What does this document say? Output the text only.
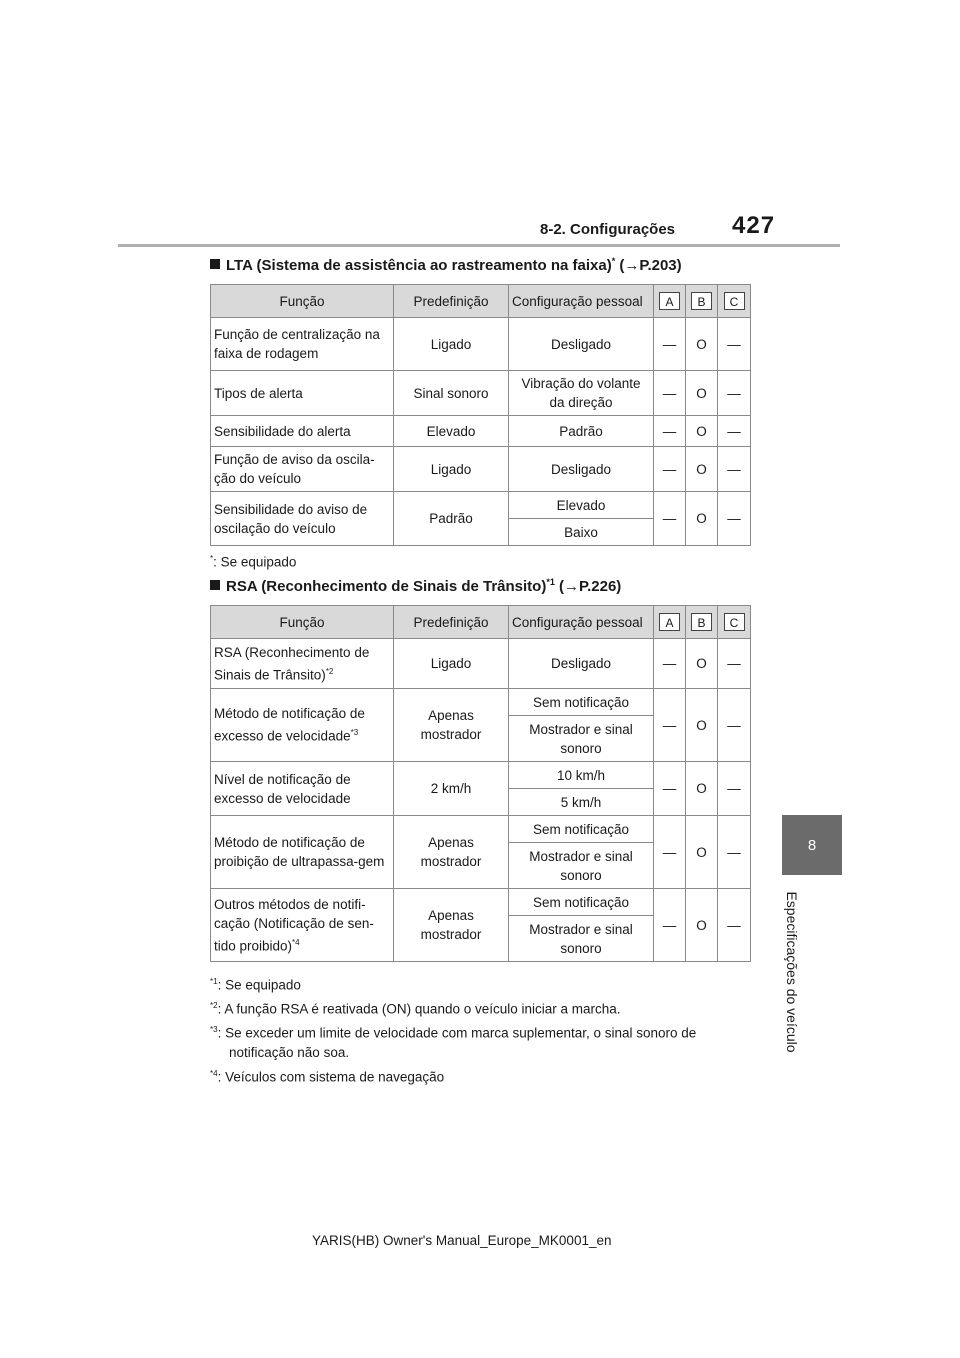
8-2. Configurações 427
8
Especificações do veículo
LTA (Sistema de assistência ao rastreamento na faixa)* (→P.203)
Função	Predefinição	Configuração pessoal	A	B	C
Função de centralização na faixa de rodagem	Ligado	Desligado	—	O	—
Tipos de alerta	Sinal sonoro	Vibração do volante da direção	—	O	—
Sensibilidade do alerta	Elevado	Padrão	—	O	—
Função de aviso da oscila-ção do veículo	Ligado	Desligado	—	O	—
Sensibilidade do aviso de oscilação do veículo	Padrão	Elevado	—	O	—
		Baixo			
*: Se equipado
RSA (Reconhecimento de Sinais de Trânsito)$^{*1}$ (→P.226)
Função	Predefinição	Configuração pessoal	A	B	C
RSA (Reconhecimento de Sinais de Trânsito)$^{*2}$	Ligado	Desligado	—	O	—
Método de notificação de excesso de velocidade$^{*3}$	Apenas mostrador	Sem notificação	—	O	—
		Mostrador e sinal sonoro			
Nível de notificação de excesso de velocidade	2 km/h	10 km/h	—	O	—
		5 km/h			
Método de notificação de proibição de ultrapassa-gem	Apenas mostrador	Sem notificação	—	O	—
		Mostrador e sinal sonoro			
Outros métodos de notifi-cação (Notificação de sen-tido proibido)$^{*4}$	Apenas mostrador	Sem notificação	—	O	—
		Mostrador e sinal sonoro			
$^{*1}$: Se equipado
$^{*2}$: A função RSA é reativada (ON) quando o veículo iniciar a marcha.
$^{*3}$: Se exceder um limite de velocidade com marca suplementar, o sinal sonoro de
notificação não soa.
$^{*4}$: Veículos com sistema de navegação
YARIS(HB) Owner's Manual_Europe_MK0001_en
